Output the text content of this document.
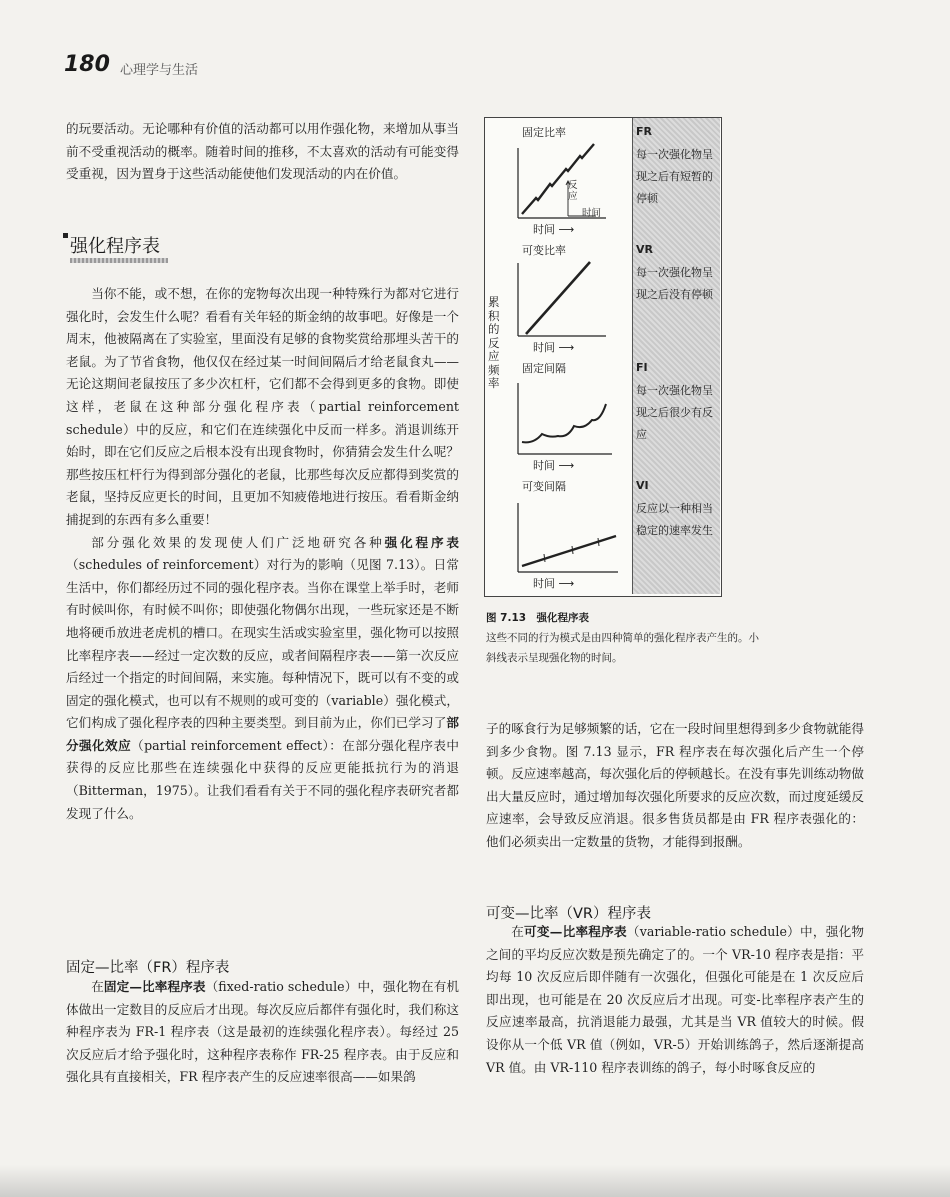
180 心理学与生活

的玩要活动。无论哪种有价值的活动都可以用作强化物，来增加从事当前不受重视活动的概率。随着时间的推移，不太喜欢的活动有可能变得受重视，因为置身于这些活动能使他们发现活动的内在价值。

强化程序表

当你不能，或不想，在你的宠物每次出现一种特殊行为都对它进行强化时，会发生什么呢？看看有关年轻的斯金纳的故事吧。好像是一个周末，他被隔离在了实验室，里面没有足够的食物奖赏给那埋头苦干的老鼠。为了节省食物，他仅仅在经过某一时间间隔后才给老鼠食丸——无论这期间老鼠按压了多少次杠杆，它们都不会得到更多的食物。即使这样，老鼠在这种部分强化程序表（partial reinforcement schedule）中的反应，和它们在连续强化中反而一样多。消退训练开始时，即在它们反应之后根本没有出现食物时，你猜猜会发生什么呢？那些按压杠杆行为得到部分强化的老鼠，比那些每次反应都得到奖赏的老鼠，坚持反应更长的时间，且更加不知疲倦地进行按压。看看斯金纳捕捉到的东西有多么重要！

部分强化效果的发现使人们广泛地研究各种强化程序表（schedules of reinforcement）对行为的影响（见图 7.13）。日常生活中，你们都经历过不同的强化程序表。当你在课堂上举手时，老师有时候叫你，有时候不叫你；即使强化物偶尔出现，一些玩家还是不断地将硬币放进老虎机的槽口。在现实生活或实验室里，强化物可以按照比率程序表——经过一定次数的反应，或者间隔程序表——第一次反应后经过一个指定的时间间隔，来实施。每种情况下，既可以有不变的或固定的强化模式，也可以有不规则的或可变的（variable）强化模式，它们构成了强化程序表的四种主要类型。到目前为止，你们已学习了部分强化效应（partial reinforcement effect）：在部分强化程序表中获得的反应比那些在连续强化中获得的反应更能抵抗行为的消退（Bitterman，1975）。让我们看看有关于不同的强化程序表研究者都发现了什么。

固定—比率（FR）程序表

在固定—比率程序表（fixed-ratio schedule）中，强化物在有机体做出一定数目的反应后才出现。每次反应后都伴有强化时，我们称这种程序表为 FR-1 程序表（这是最初的连续强化程序表）。每经过 25 次反应后才给予强化时，这种程序表称作 FR-25 程序表。由于反应和强化具有直接相关，FR 程序表产生的反应速率很高——如果鸽

累积的反应频率
固定比率
可变比率
固定间隔
可变间隔
时间 ⟶
时间 ⟶
时间 ⟶
时间 ⟶
反应
时间
FR
每一次强化物呈现之后有短暂的停顿
VR
每一次强化物呈现之后没有停顿
FI
每一次强化物呈现之后很少有反应
VI
反应以一种相当稳定的速率发生
图 7.13　强化程序表
这些不同的行为模式是由四种简单的强化程序表产生的。小斜线表示呈现强化物的时间。

子的啄食行为足够频繁的话，它在一段时间里想得到多少食物就能得到多少食物。图 7.13 显示，FR 程序表在每次强化后产生一个停顿。反应速率越高，每次强化后的停顿越长。在没有事先训练动物做出大量反应时，通过增加每次强化所要求的反应次数，而过度延缓反应速率，会导致反应消退。很多售货员都是由 FR 程序表强化的：他们必须卖出一定数量的货物，才能得到报酬。

可变—比率（VR）程序表

在可变—比率程序表（variable-ratio schedule）中，强化物之间的平均反应次数是预先确定了的。一个 VR-10 程序表是指：平均每 10 次反应后即伴随有一次强化，但强化可能是在 1 次反应后即出现，也可能是在 20 次反应后才出现。可变-比率程序表产生的反应速率最高，抗消退能力最强，尤其是当 VR 值较大的时候。假设你从一个低 VR 值（例如，VR-5）开始训练鸽子，然后逐渐提高 VR 值。由 VR-110 程序表训练的鸽子，每小时啄食反应的
